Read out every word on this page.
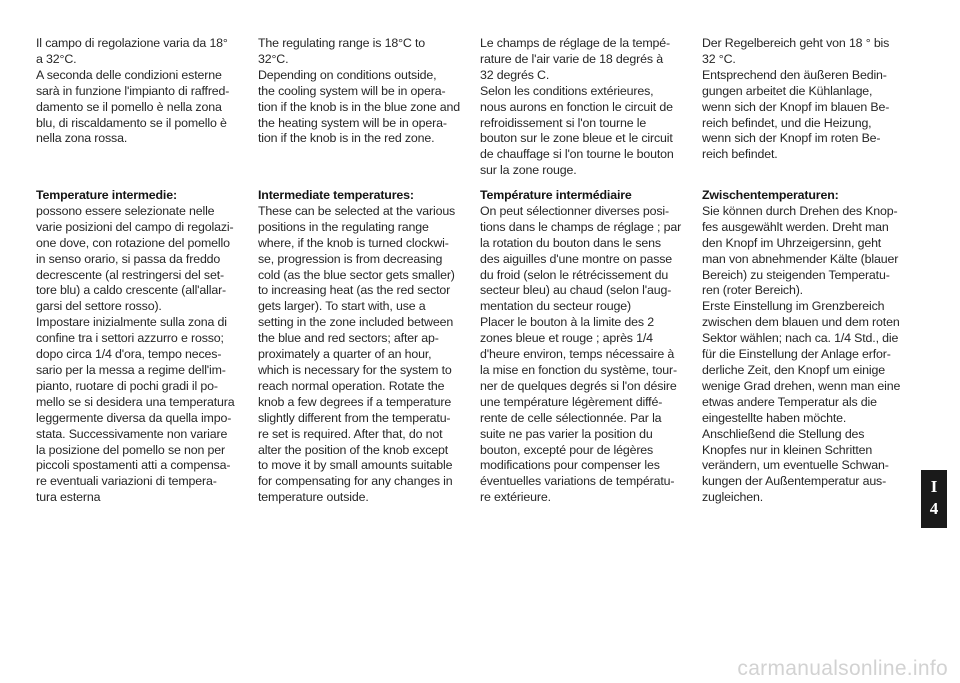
Il campo di regolazione varia da 18°
a 32°C.
A seconda delle condizioni esterne
sarà in funzione l'impianto di raffred-
damento se il pomello è nella zona
blu, di riscaldamento se il pomello è
nella zona rossa.

Temperature intermedie:

possono essere selezionate nelle
varie posizioni del campo di regolazi-
one dove, con rotazione del pomello
in senso orario, si passa da freddo
decrescente (al restringersi del set-
tore blu) a caldo crescente (all'allar-
garsi del settore rosso).
Impostare inizialmente sulla zona di
confine tra i settori azzurro e rosso;
dopo circa 1/4 d'ora, tempo neces-
sario per la messa a regime dell'im-
pianto, ruotare di pochi gradi il po-
mello se si desidera una temperatura
leggermente diversa da quella impo-
stata. Successivamente non variare
la posizione del pomello se non per
piccoli spostamenti atti a compensa-
re eventuali variazioni di tempera-
tura esterna

The regulating range is 18°C to
32°C.
Depending on conditions outside,
the cooling system will be in opera-
tion if the knob is in the blue zone and
the heating system will be in opera-
tion if the knob is in the red zone.

Intermediate temperatures:

These can be selected at the various
positions in the regulating range
where, if the knob is turned clockwi-
se, progression is from decreasing
cold (as the blue sector gets smaller)
to increasing heat (as the red sector
gets larger). To start with, use a
setting in the zone included between
the blue and red sectors; after ap-
proximately a quarter of an hour,
which is necessary for the system to
reach normal operation. Rotate the
knob a few degrees if a temperature
slightly different from the temperatu-
re set is required. After that, do not
alter the position of the knob except
to move it by small amounts suitable
for compensating for any changes in
temperature outside.

Le champs de réglage de la tempé-
rature de l'air varie de 18 degrés à
32 degrés C.
Selon les conditions extérieures,
nous aurons en fonction le circuit de
refroidissement si l'on tourne le
bouton sur le zone bleue et le circuit
de chauffage si l'on tourne le bouton
sur la zone rouge.

Température intermédiaire

On peut sélectionner diverses posi-
tions dans le champs de réglage ; par
la rotation du bouton dans le sens
des aiguilles d'une montre on passe
du froid (selon le rétrécissement du
secteur bleu) au chaud (selon l'aug-
mentation du secteur rouge)
Placer le bouton à la limite des 2
zones bleue et rouge ; après 1/4
d'heure environ, temps nécessaire à
la mise en fonction du système, tour-
ner de quelques degrés si l'on désire
une température légèrement diffé-
rente de celle sélectionnée. Par la
suite ne pas varier la position du
bouton, excepté pour de légères
modifications pour compenser les
éventuelles variations de températu-
re extérieure.

Der Regelbereich geht von 18 ° bis
32 °C.
Entsprechend den äußeren Bedin-
gungen arbeitet die Kühlanlage,
wenn sich der Knopf im blauen Be-
reich befindet, und die Heizung,
wenn sich der Knopf im roten Be-
reich befindet.

Zwischentemperaturen:

Sie können durch Drehen des Knop-
fes ausgewählt werden. Dreht man
den Knopf im Uhrzeigersinn, geht
man von abnehmender Kälte (blauer
Bereich) zu steigenden Temperatu-
ren (roter Bereich).
Erste Einstellung im Grenzbereich
zwischen dem blauen und dem roten
Sektor wählen; nach ca. 1/4 Std., die
für die Einstellung der Anlage erfor-
derliche Zeit, den Knopf um einige
wenige Grad drehen, wenn man eine
etwas andere Temperatur als die
eingestellte haben möchte.
Anschließend die Stellung des
Knopfes nur in kleinen Schritten
verändern, um eventuelle Schwan-
kungen der Außentemperatur aus-
zugleichen.

I
4
carmanualsonline.info
